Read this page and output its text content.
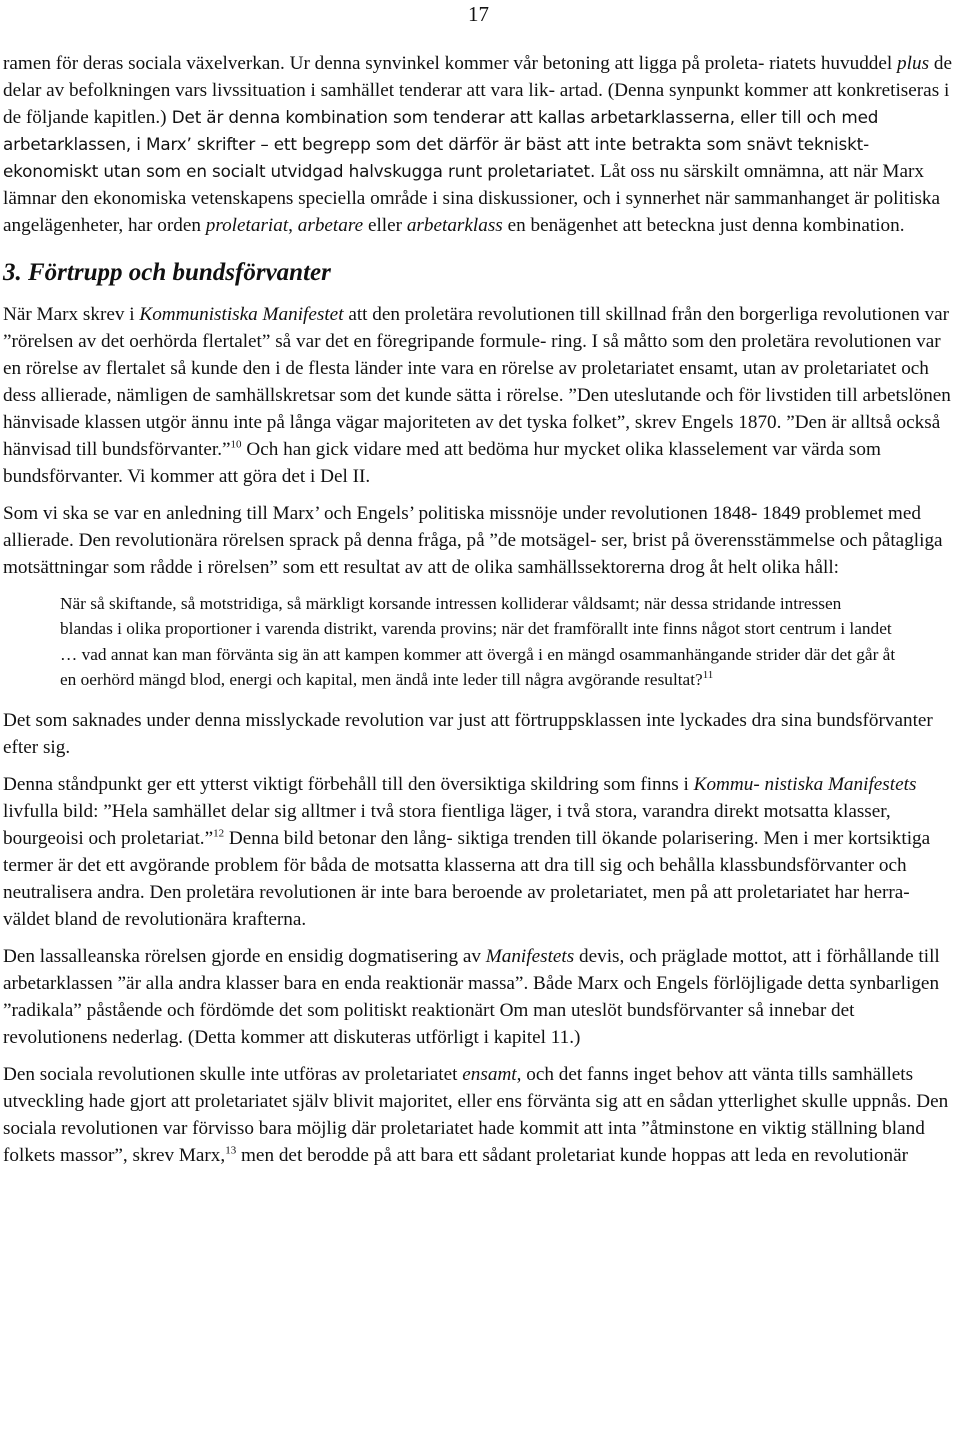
17

ramen för deras sociala växelverkan. Ur denna synvinkel kommer vår betoning att ligga på proleta- riatets huvuddel plus de delar av befolkningen vars livssituation i samhället tenderar att vara lik- artad. (Denna synpunkt kommer att konkretiseras i de följande kapitlen.) Det är denna kombination som tenderar att kallas arbetarklasserna, eller till och med arbetarklassen, i Marx’ skrifter – ett begrepp som det därför är bäst att inte betrakta som snävt tekniskt-ekonomiskt utan som en socialt utvidgad halvskugga runt proletariatet. Låt oss nu särskilt omnämna, att när Marx lämnar den ekonomiska vetenskapens speciella område i sina diskussioner, och i synnerhet när sammanhanget är politiska angelägenheter, har orden proletariat, arbetare eller arbetarklass en benägenhet att beteckna just denna kombination.

3. Förtrupp och bundsförvanter

När Marx skrev i Kommunistiska Manifestet att den proletära revolutionen till skillnad från den borgerliga revolutionen var ”rörelsen av det oerhörda flertalet” så var det en föregripande formule- ring. I så måtto som den proletära revolutionen var en rörelse av flertalet så kunde den i de flesta länder inte vara en rörelse av proletariatet ensamt, utan av proletariatet och dess allierade, nämligen de samhällskretsar som det kunde sätta i rörelse. ”Den uteslutande och för livstiden till arbetslönen hänvisade klassen utgör ännu inte på långa vägar majoriteten av det tyska folket”, skrev Engels 1870. ”Den är alltså också hänvisad till bundsförvanter.”$^{10}$ Och han gick vidare med att bedöma hur mycket olika klasselement var värda som bundsförvanter. Vi kommer att göra det i Del II.

Som vi ska se var en anledning till Marx’ och Engels’ politiska missnöje under revolutionen 1848- 1849 problemet med allierade. Den revolutionära rörelsen sprack på denna fråga, på ”de motsägel- ser, brist på överensstämmelse och påtagliga motsättningar som rådde i rörelsen” som ett resultat av att de olika samhällssektorerna drog åt helt olika håll:

När så skiftande, så motstridiga, så märkligt korsande intressen kolliderar våldsamt; när dessa stridande intressen blandas i olika proportioner i varenda distrikt, varenda provins; när det framförallt inte finns något stort centrum i landet … vad annat kan man förvänta sig än att kampen kommer att övergå i en mängd osammanhängande strider där det går åt en oerhörd mängd blod, energi och kapital, men ändå inte leder till några avgörande resultat?$^{11}$

Det som saknades under denna misslyckade revolution var just att förtruppsklassen inte lyckades dra sina bundsförvanter efter sig.

Denna ståndpunkt ger ett ytterst viktigt förbehåll till den översiktiga skildring som finns i Kommu- nistiska Manifestets livfulla bild: ”Hela samhället delar sig alltmer i två stora fientliga läger, i två stora, varandra direkt motsatta klasser, bourgeoisi och proletariat.”$^{12}$ Denna bild betonar den lång- siktiga trenden till ökande polarisering. Men i mer kortsiktiga termer är det ett avgörande problem för båda de motsatta klasserna att dra till sig och behålla klassbundsförvanter och neutralisera andra. Den proletära revolutionen är inte bara beroende av proletariatet, men på att proletariatet har herra- väldet bland de revolutionära krafterna.

Den lassalleanska rörelsen gjorde en ensidig dogmatisering av Manifestets devis, och präglade mottot, att i förhållande till arbetarklassen ”är alla andra klasser bara en enda reaktionär massa”. Både Marx och Engels förlöjligade detta synbarligen ”radikala” påstående och fördömde det som politiskt reaktionärt Om man uteslöt bundsförvanter så innebar det revolutionens nederlag. (Detta kommer att diskuteras utförligt i kapitel 11.)

Den sociala revolutionen skulle inte utföras av proletariatet ensamt, och det fanns inget behov att vänta tills samhällets utveckling hade gjort att proletariatet själv blivit majoritet, eller ens förvänta sig att en sådan ytterlighet skulle uppnås. Den sociala revolutionen var förvisso bara möjlig där proletariatet hade kommit att inta ”åtminstone en viktig ställning bland folkets massor”, skrev Marx,$^{13}$ men det berodde på att bara ett sådant proletariat kunde hoppas att leda en revolutionär
